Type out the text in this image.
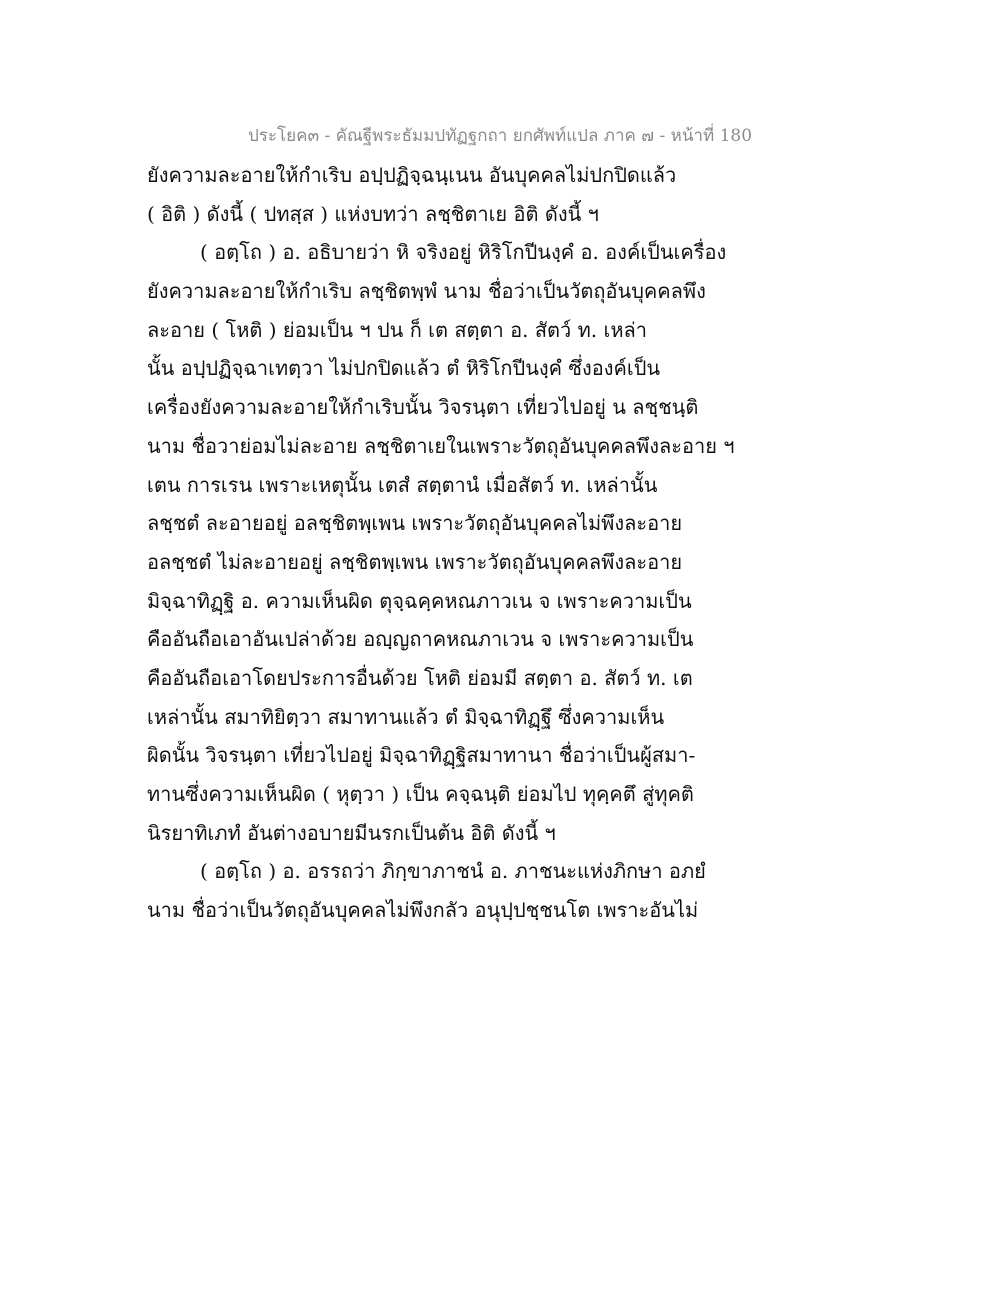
ประโยค๓ - คัณฐีพระธัมมปทัฏฐกถา ยกศัพท์แปล ภาค ๗ - หน้าที่ 180
ยังความละอายให้กำเริบ อปฺปฏิจฺฉนฺเนน อันบุคคลไม่ปกปิดแล้ว
( อิติ ) ดังนี้ ( ปทสฺส ) แห่งบทว่า ลชฺชิตาเย อิติ ดังนี้ ฯ
( อตฺโถ ) อ. อธิบายว่า หิ จริงอยู่ หิริโกปีนงฺคํ อ. องค์เป็นเครื่อง
ยังความละอายให้กำเริบ ลชฺชิตพฺพํ นาม ชื่อว่าเป็นวัตถุอันบุคคลพึง
ละอาย ( โหติ ) ย่อมเป็น ฯ ปน ก็ เต สตฺตา อ. สัตว์ ท. เหล่า
นั้น อปฺปฏิจฺฉาเทตฺวา ไม่ปกปิดแล้ว ตํ หิริโกปีนงฺคํ ซึ่งองค์เป็น
เครื่องยังความละอายให้กำเริบนั้น วิจรนฺตา เที่ยวไปอยู่ น ลชฺชนฺติ
นาม ชื่อวาย่อมไม่ละอาย ลชฺชิตาเยในเพราะวัตถุอันบุคคลพึงละอาย ฯ
เตน การเรน เพราะเหตุนั้น เตสํ สตฺตานํ เมื่อสัตว์ ท. เหล่านั้น
ลชฺชตํ ละอายอยู่ อลชฺชิตพฺเพน เพราะวัตถุอันบุคคลไม่พึงละอาย
อลชฺชตํ ไม่ละอายอยู่ ลชฺชิตพฺเพน เพราะวัตถุอันบุคคลพึงละอาย
มิจฺฉาทิฏฺฐิ อ. ความเห็นผิด ตุจฺฉคฺคหณภาวเน จ เพราะความเป็น
คืออันถือเอาอันเปล่าด้วย อญฺญถาคหณภาเวน จ เพราะความเป็น
คืออันถือเอาโดยประการอื่นด้วย โหติ ย่อมมี สตฺตา อ. สัตว์ ท. เต
เหล่านั้น สมาทิยิตฺวา สมาทานแล้ว ตํ มิจฺฉาทิฏฺฐึ ซึ่งความเห็น
ผิดนั้น วิจรนฺตา เที่ยวไปอยู่ มิจฺฉาทิฏฺฐิสมาทานา ชื่อว่าเป็นผู้สมา-
ทานซึ่งความเห็นผิด ( หุตฺวา ) เป็น คจฺฉนฺติ ย่อมไป ทุคฺคตึ สู่ทุคติ
นิรยาทิเภทํ อันต่างอบายมีนรกเป็นต้น อิติ ดังนี้ ฯ
( อตฺโถ ) อ. อรรถว่า ภิกฺขาภาชนํ อ. ภาชนะแห่งภิกษา อภยํ
นาม ชื่อว่าเป็นวัตถุอันบุคคลไม่พึงกลัว อนุปฺปชฺชนโต เพราะอันไม่
